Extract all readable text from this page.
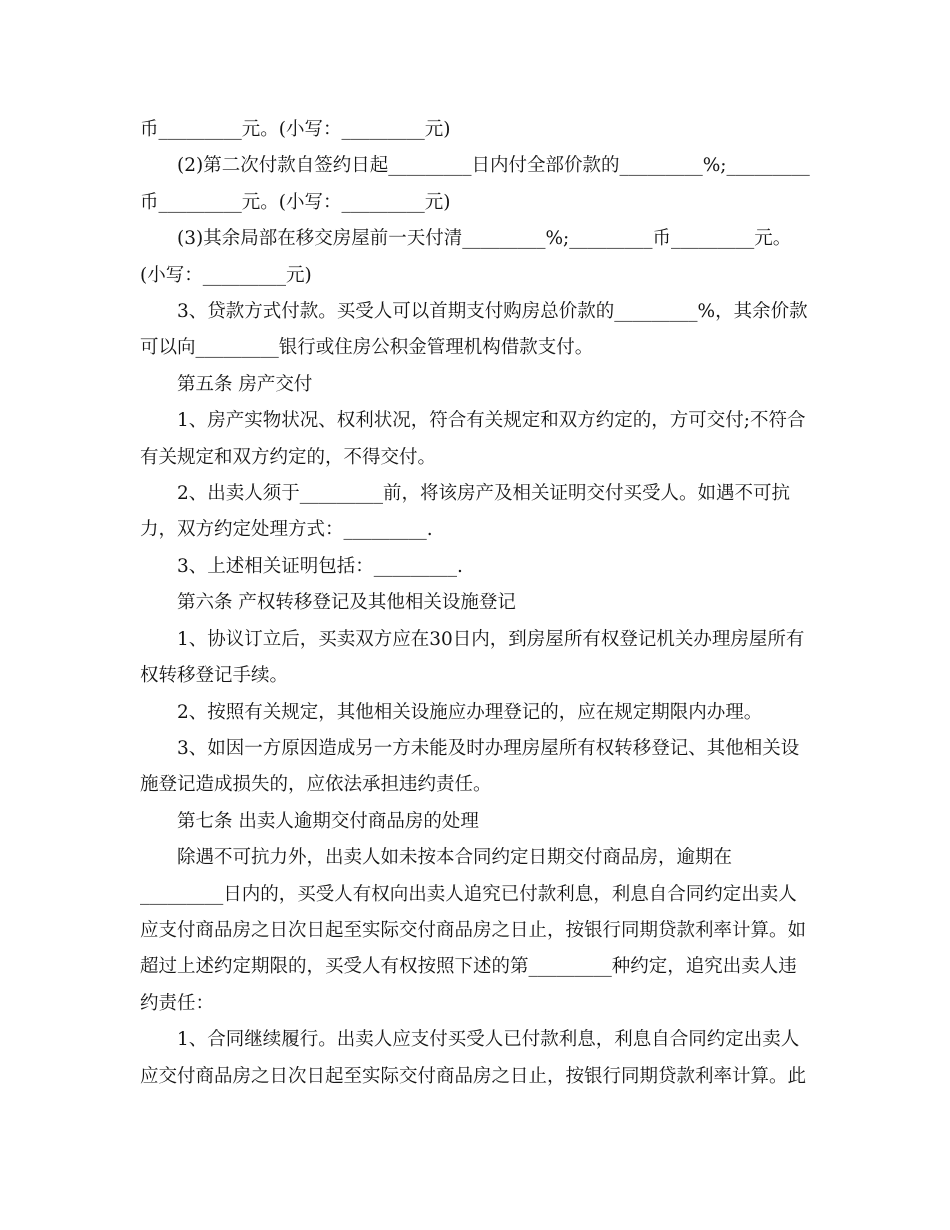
币_________元。(小写：_________元)

(2)第二次付款自签约日起_________日内付全部价款的_________%;_________

币_________元。(小写：_________元)

(3)其余局部在移交房屋前一天付清_________%;_________币_________元。

(小写：_________元)

3、贷款方式付款。买受人可以首期支付购房总价款的_________%，其余价款

可以向_________银行或住房公积金管理机构借款支付。

第五条 房产交付

1、房产实物状况、权利状况，符合有关规定和双方约定的，方可交付;不符合

有关规定和双方约定的，不得交付。

2、出卖人须于_________前，将该房产及相关证明交付买受人。如遇不可抗

力，双方约定处理方式：_________.

3、上述相关证明包括：_________.

第六条 产权转移登记及其他相关设施登记

1、协议订立后，买卖双方应在30日内，到房屋所有权登记机关办理房屋所有

权转移登记手续。

2、按照有关规定，其他相关设施应办理登记的，应在规定期限内办理。

3、如因一方原因造成另一方未能及时办理房屋所有权转移登记、其他相关设

施登记造成损失的，应依法承担违约责任。

第七条 出卖人逾期交付商品房的处理

除遇不可抗力外，出卖人如未按本合同约定日期交付商品房，逾期在

_________日内的，买受人有权向出卖人追究已付款利息，利息自合同约定出卖人

应支付商品房之日次日起至实际交付商品房之日止，按银行同期贷款利率计算。如

超过上述约定期限的，买受人有权按照下述的第_________种约定，追究出卖人违

约责任：

1、合同继续履行。出卖人应支付买受人已付款利息，利息自合同约定出卖人

应交付商品房之日次日起至实际交付商品房之日止，按银行同期贷款利率计算。此
